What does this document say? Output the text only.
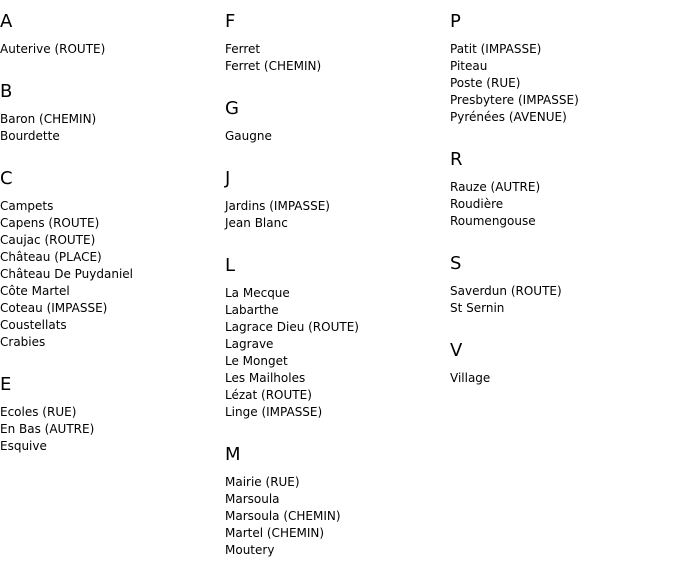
A
Auterive (ROUTE)
B
Baron (CHEMIN)
Bourdette
C
Campets
Capens (ROUTE)
Caujac (ROUTE)
Château (PLACE)
Château De Puydaniel
Côte Martel
Coteau (IMPASSE)
Coustellats
Crabies
E
Ecoles (RUE)
En Bas (AUTRE)
Esquive
F
Ferret
Ferret (CHEMIN)
G
Gaugne
J
Jardins (IMPASSE)
Jean Blanc
L
La Mecque
Labarthe
Lagrace Dieu (ROUTE)
Lagrave
Le Monget
Les Mailholes
Lézat (ROUTE)
Linge (IMPASSE)
M
Mairie (RUE)
Marsoula
Marsoula (CHEMIN)
Martel (CHEMIN)
Moutery
P
Patit (IMPASSE)
Piteau
Poste (RUE)
Presbytere (IMPASSE)
Pyrénées (AVENUE)
R
Rauze (AUTRE)
Roudière
Roumengouse
S
Saverdun (ROUTE)
St Sernin
V
Village
